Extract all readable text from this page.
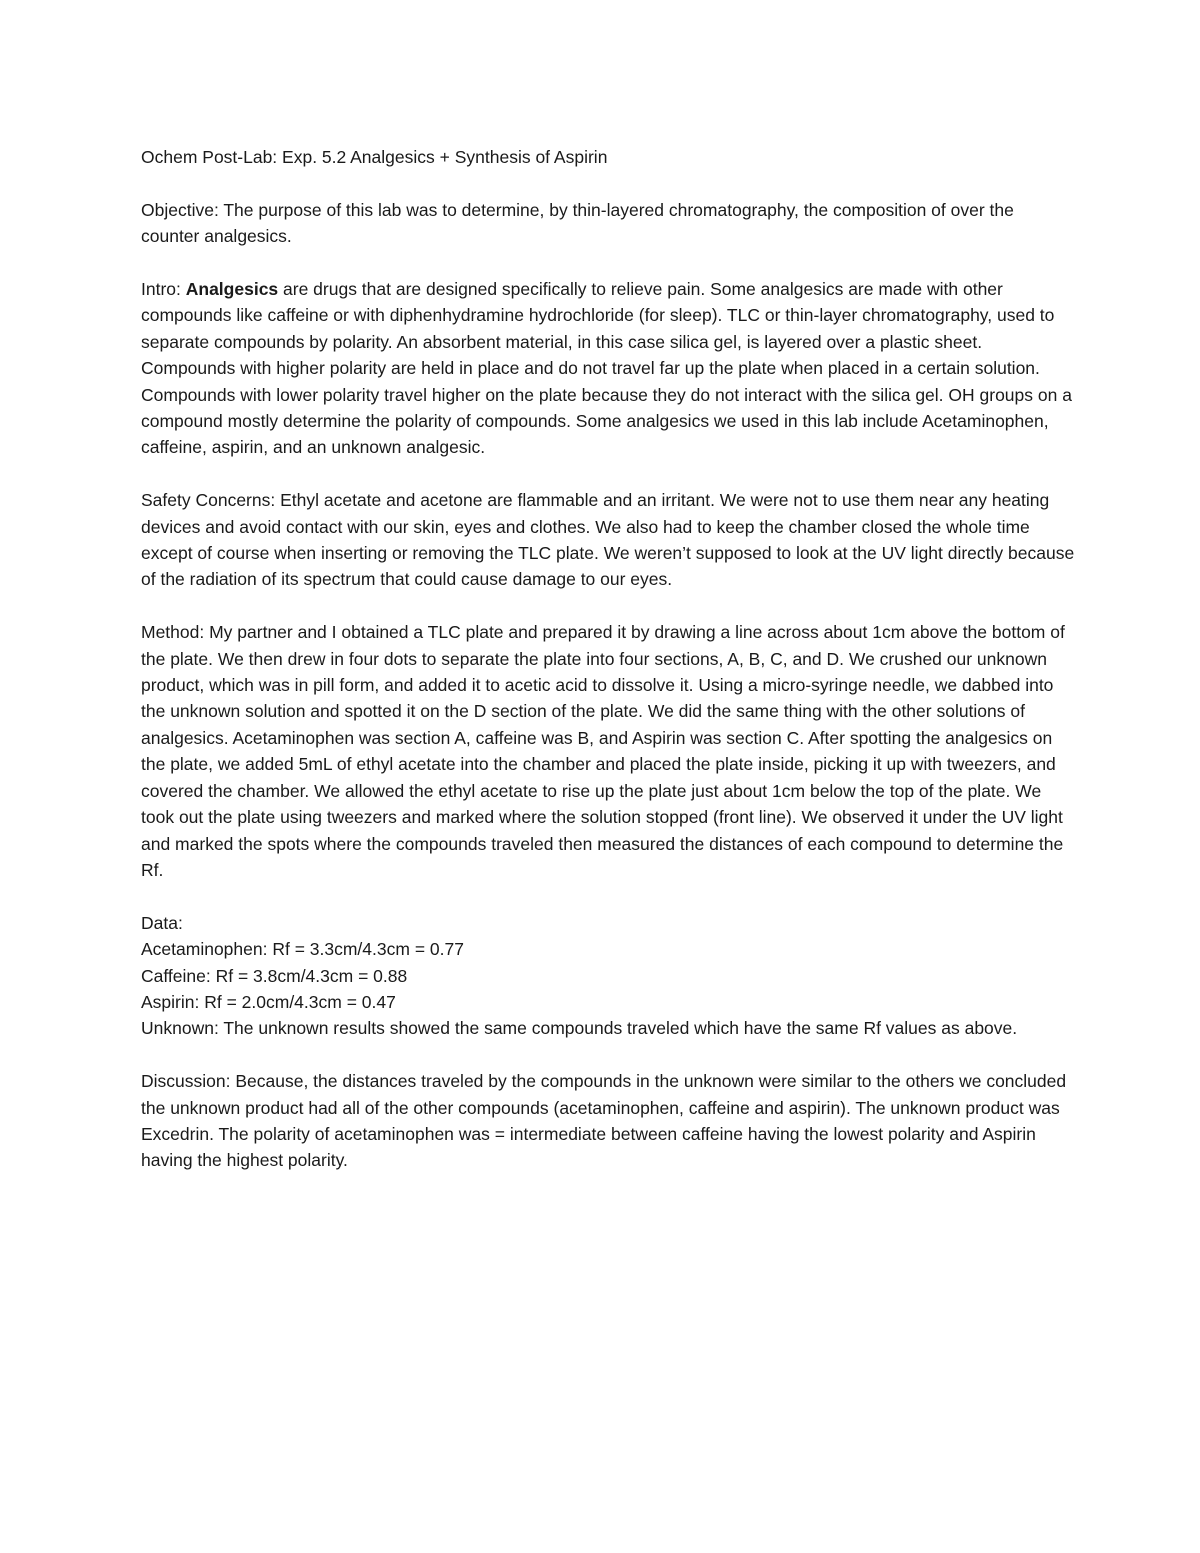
Ochem Post-Lab: Exp. 5.2 Analgesics + Synthesis of Aspirin

Objective: The purpose of this lab was to determine, by thin-layered chromatography, the composition of over the counter analgesics.

Intro: Analgesics are drugs that are designed specifically to relieve pain. Some analgesics are made with other compounds like caffeine or with diphenhydramine hydrochloride (for sleep). TLC or thin-layer chromatography, used to separate compounds by polarity. An absorbent material, in this case silica gel, is layered over a plastic sheet. Compounds with higher polarity are held in place and do not travel far up the plate when placed in a certain solution. Compounds with lower polarity travel higher on the plate because they do not interact with the silica gel. OH groups on a compound mostly determine the polarity of compounds. Some analgesics we used in this lab include Acetaminophen, caffeine, aspirin, and an unknown analgesic.

Safety Concerns: Ethyl acetate and acetone are flammable and an irritant. We were not to use them near any heating devices and avoid contact with our skin, eyes and clothes. We also had to keep the chamber closed the whole time except of course when inserting or removing the TLC plate. We weren’t supposed to look at the UV light directly because of the radiation of its spectrum that could cause damage to our eyes.

Method: My partner and I obtained a TLC plate and prepared it by drawing a line across about 1cm above the bottom of the plate. We then drew in four dots to separate the plate into four sections, A, B, C, and D. We crushed our unknown product, which was in pill form, and added it to acetic acid to dissolve it. Using a micro-syringe needle, we dabbed into the unknown solution and spotted it on the D section of the plate. We did the same thing with the other solutions of analgesics. Acetaminophen was section A, caffeine was B, and Aspirin was section C. After spotting the analgesics on the plate, we added 5mL of ethyl acetate into the chamber and placed the plate inside, picking it up with tweezers, and covered the chamber. We allowed the ethyl acetate to rise up the plate just about 1cm below the top of the plate. We took out the plate using tweezers and marked where the solution stopped (front line). We observed it under the UV light and marked the spots where the compounds traveled then measured the distances of each compound to determine the Rf.

Data:
Acetaminophen: Rf = 3.3cm/4.3cm = 0.77
Caffeine: Rf = 3.8cm/4.3cm = 0.88
Aspirin: Rf = 2.0cm/4.3cm = 0.47
Unknown: The unknown results showed the same compounds traveled which have the same Rf values as above.

Discussion: Because, the distances traveled by the compounds in the unknown were similar to the others we concluded the unknown product had all of the other compounds (acetaminophen, caffeine and aspirin). The unknown product was Excedrin. The polarity of acetaminophen was = intermediate between caffeine having the lowest polarity and Aspirin having the highest polarity.
